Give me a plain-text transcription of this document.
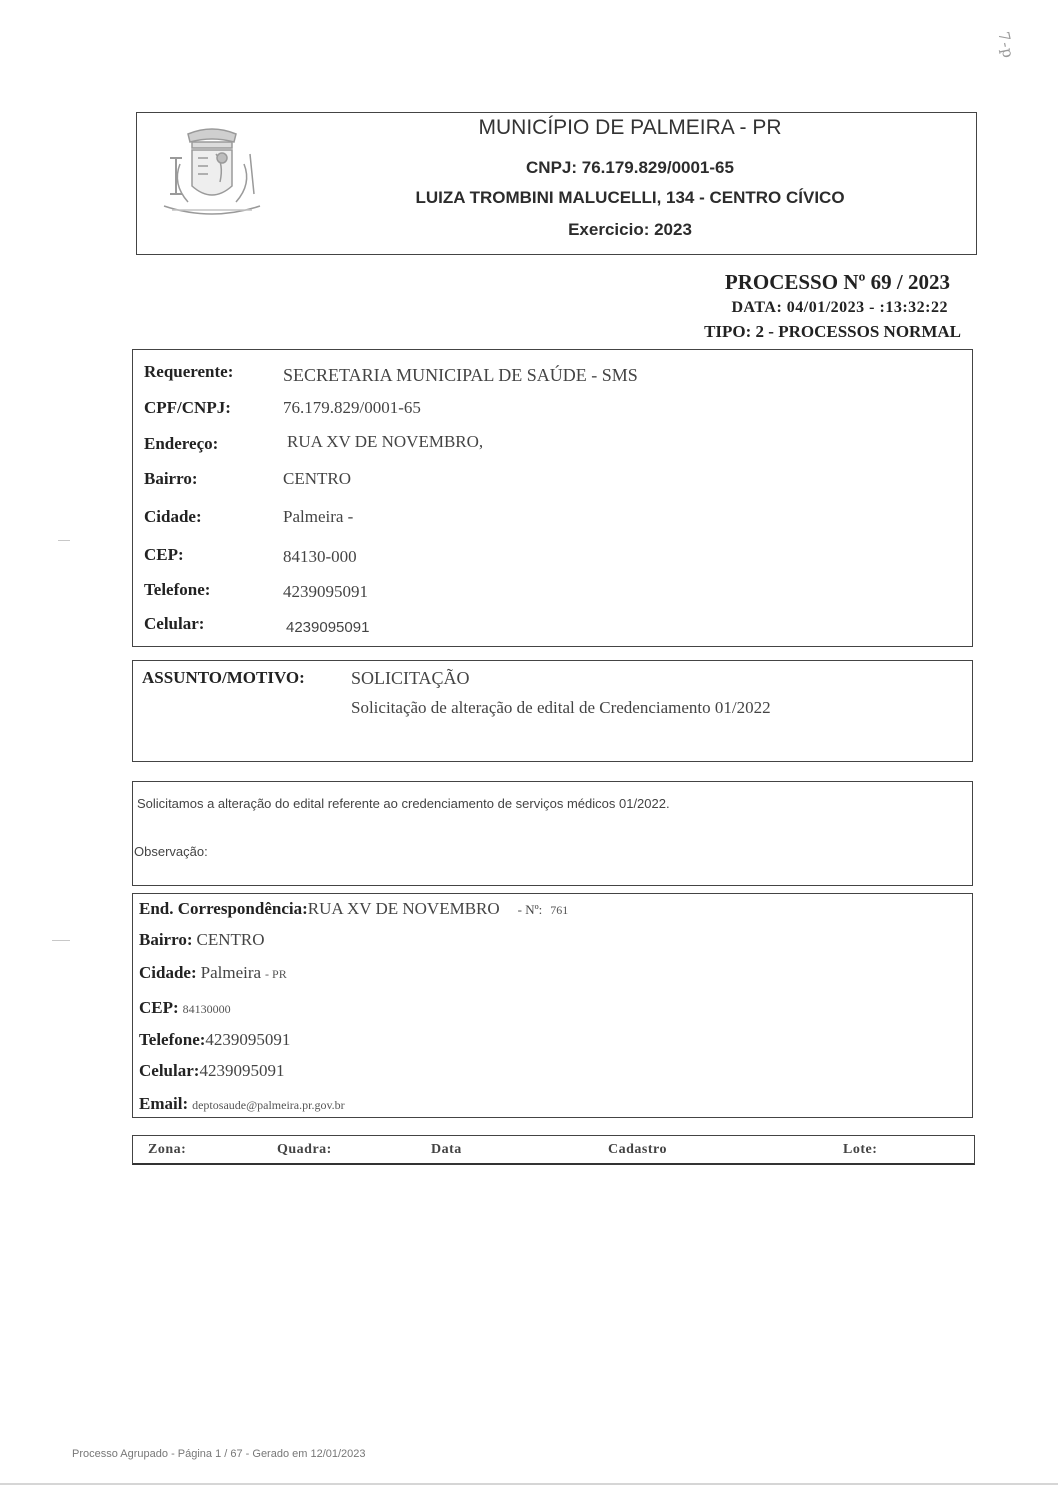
7-p
MUNICÍPIO DE PALMEIRA - PR
CNPJ: 76.179.829/0001-65
LUIZA TROMBINI MALUCELLI, 134 - CENTRO CÍVICO
Exercicio: 2023
PROCESSO Nº 69 / 2023
DATA: 04/01/2023 - :13:32:22
TIPO: 2 - PROCESSOS NORMAL
Requerente:	SECRETARIA MUNICIPAL DE SAÚDE - SMS
CPF/CNPJ:	76.179.829/0001-65
Endereço:	RUA XV DE NOVEMBRO,
Bairro:	CENTRO
Cidade:	Palmeira -
CEP:	84130-000
Telefone:	4239095091
Celular:	4239095091
ASSUNTO/MOTIVO:	SOLICITAÇÃO
Solicitação de alteração de edital de Credenciamento 01/2022
Solicitamos a alteração do edital referente ao credenciamento de serviços médicos 01/2022.
Observação:
End. Correspondência:RUA XV DE NOVEMBRO - Nº: 761
Bairro: CENTRO
Cidade: Palmeira - PR
CEP: 84130000
Telefone:4239095091
Celular:4239095091
Email: deptosaude@palmeira.pr.gov.br
Zona:	Quadra:	Data	Cadastro	Lote:
Processo Agrupado - Página 1 / 67 - Gerado em 12/01/2023
